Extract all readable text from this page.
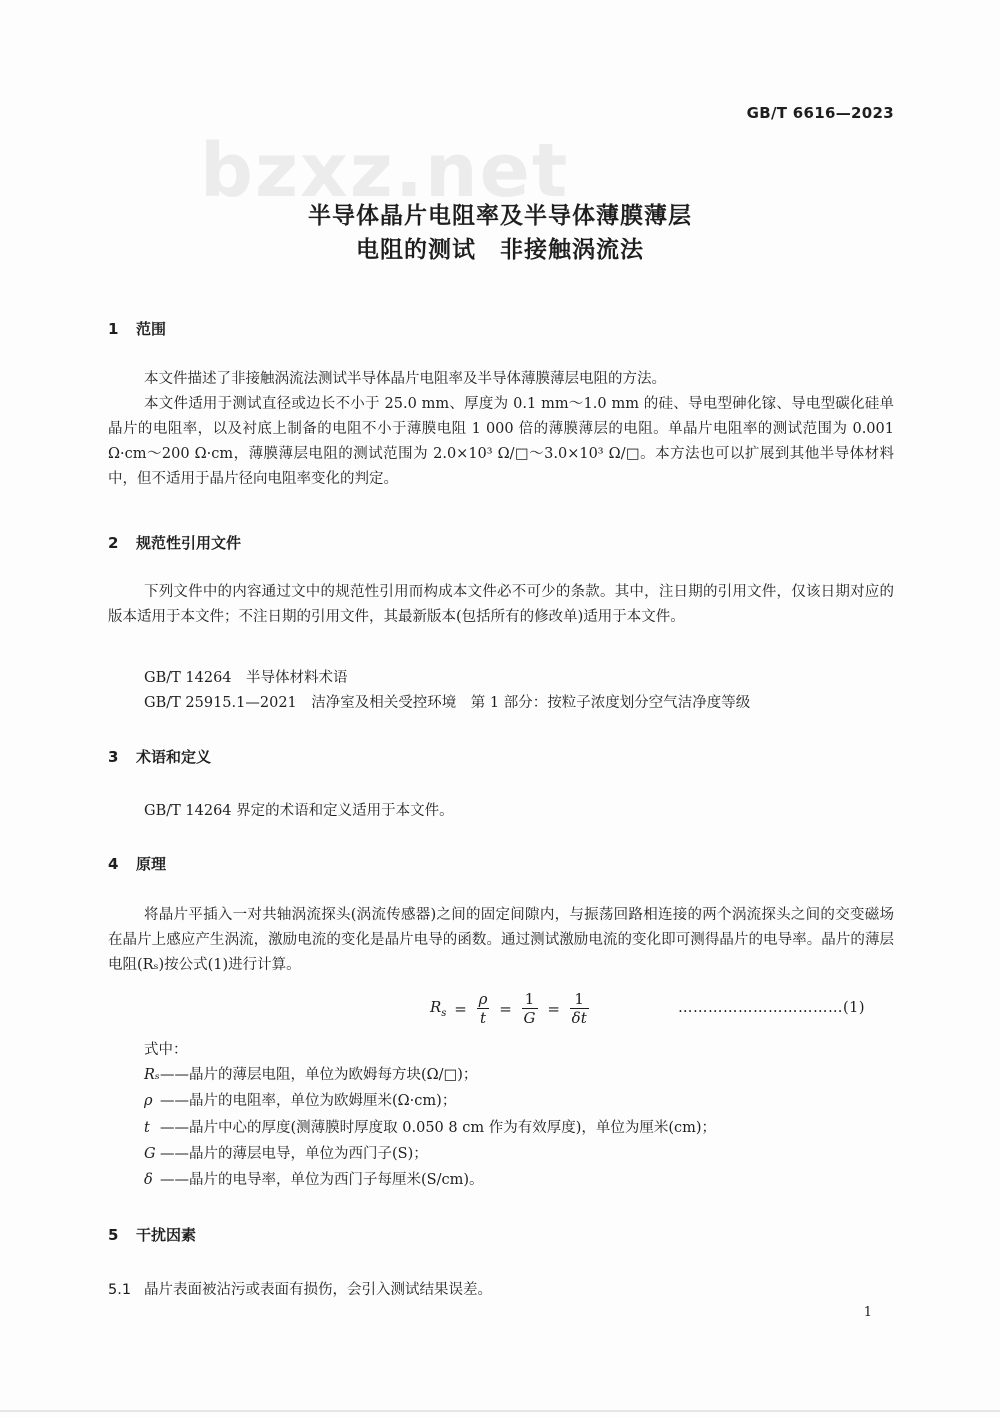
bzxz.net
GB/T 6616—2023
半导体晶片电阻率及半导体薄膜薄层
电阻的测试　非接触涡流法
1 范围

本文件描述了非接触涡流法测试半导体晶片电阻率及半导体薄膜薄层电阻的方法。

本文件适用于测试直径或边长不小于 25.0 mm、厚度为 0.1 mm～1.0 mm 的硅、导电型砷化镓、导电型碳化硅单晶片的电阻率，以及衬底上制备的电阻不小于薄膜电阻 1 000 倍的薄膜薄层的电阻。单晶片电阻率的测试范围为 0.001 Ω·cm～200 Ω·cm，薄膜薄层电阻的测试范围为 2.0×10³ Ω/□～3.0×10³ Ω/□。本方法也可以扩展到其他半导体材料中，但不适用于晶片径向电阻率变化的判定。

2 规范性引用文件

下列文件中的内容通过文中的规范性引用而构成本文件必不可少的条款。其中，注日期的引用文件，仅该日期对应的版本适用于本文件；不注日期的引用文件，其最新版本(包括所有的修改单)适用于本文件。

GB/T 14264　半导体材料术语
GB/T 25915.1—2021　洁净室及相关受控环境　第 1 部分：按粒子浓度划分空气洁净度等级
3 术语和定义
GB/T 14264 界定的术语和定义适用于本文件。
4 原理

将晶片平插入一对共轴涡流探头(涡流传感器)之间的固定间隙内，与振荡回路相连接的两个涡流探头之间的交变磁场在晶片上感应产生涡流，激励电流的变化是晶片电导的函数。通过测试激励电流的变化即可测得晶片的电导率。晶片的薄层电阻(Rₛ)按公式(1)进行计算。

$R_s = \frac{\rho}{t} = \frac{1}{G} = \frac{1}{\delta t}$	……………………………(1)
式中：
Rₛ——晶片的薄层电阻，单位为欧姆每方块(Ω/□)；
ρ ——晶片的电阻率，单位为欧姆厘米(Ω·cm)；
t ——晶片中心的厚度(测薄膜时厚度取 0.050 8 cm 作为有效厚度)，单位为厘米(cm)；
G ——晶片的薄层电导，单位为西门子(S)；
δ ——晶片的电导率，单位为西门子每厘米(S/cm)。
5 干扰因素
5.1 晶片表面被沾污或表面有损伤，会引入测试结果误差。
1
